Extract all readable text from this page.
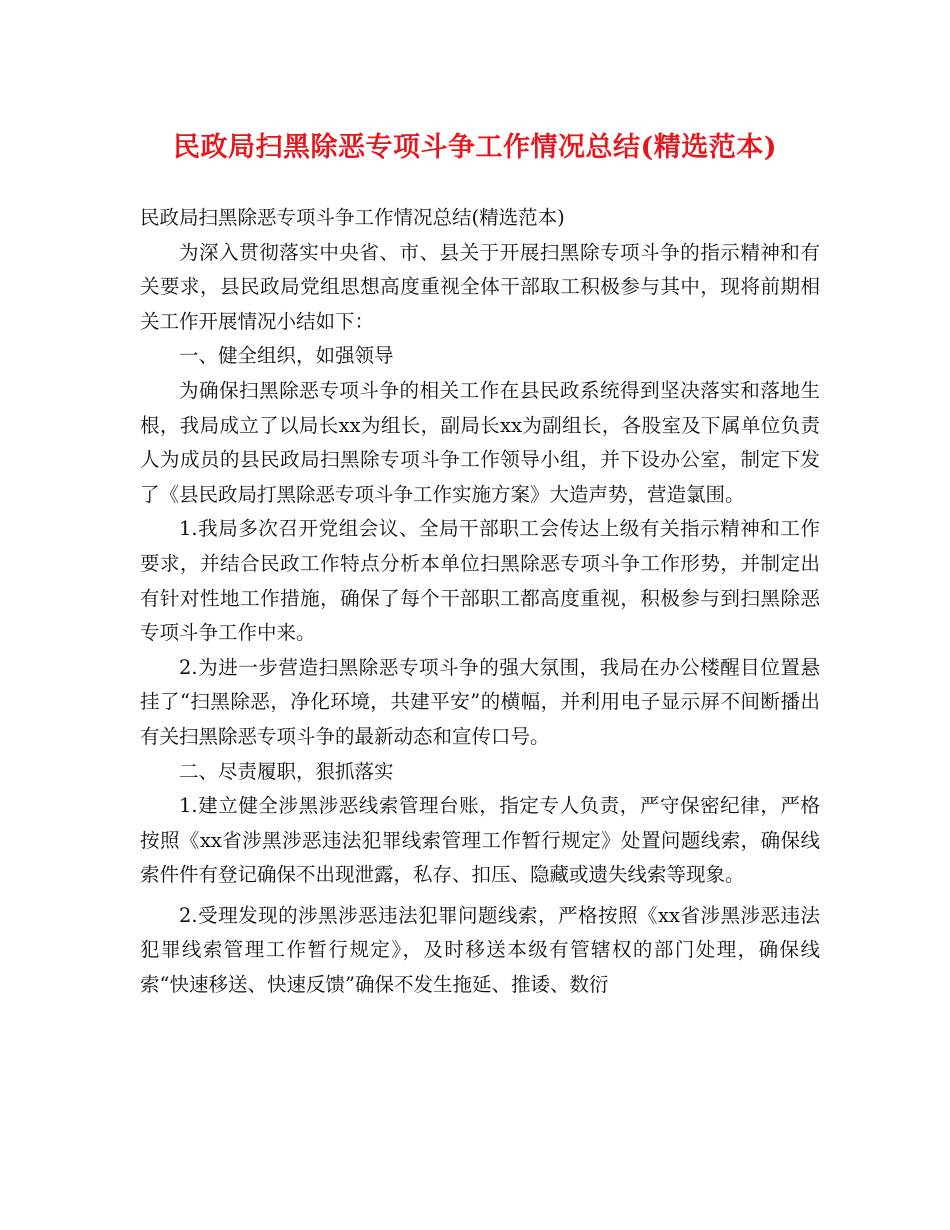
民政局扫黑除恶专项斗争工作情况总结(精选范本)

民政局扫黑除恶专项斗争工作情况总结(精选范本)

为深入贯彻落实中央省、市、县关于开展扫黑除专项斗争的指示精神和有关要求，县民政局党组思想高度重视全体干部取工积极参与其中，现将前期相关工作开展情况小结如下：

一、健全组织，如强领导

为确保扫黑除恶专项斗争的相关工作在县民政系统得到坚决落实和落地生根，我局成立了以局长xx为组长，副局长xx为副组长，各股室及下属单位负责人为成员的县民政局扫黑除专项斗争工作领导小组，并下设办公室，制定下发了《县民政局打黑除恶专项斗争工作实施方案》大造声势，营造氯围。

1.我局多次召开党组会议、全局干部职工会传达上级有关指示精神和工作要求，并结合民政工作特点分析本单位扫黑除恶专项斗争工作形势，并制定出有针对性地工作措施，确保了每个干部职工都高度重视，积极参与到扫黑除恶专项斗争工作中来。

2.为进一步营造扫黑除恶专项斗争的强大氛围，我局在办公楼醒目位置悬挂了“扫黑除恶，净化环境，共建平安”的横幅，并利用电子显示屏不间断播出有关扫黑除恶专项斗争的最新动态和宣传口号。

二、尽责履职，狠抓落实

1.建立健全涉黑涉恶线索管理台账，指定专人负责，严守保密纪律，严格按照《xx省涉黑涉恶违法犯罪线索管理工作暂行规定》处置问题线索，确保线索件件有登记确保不出现泄露，私存、扣压、隐藏或遗失线索等现象。

2.受理发现的涉黑涉恶违法犯罪问题线索，严格按照《xx省涉黑涉恶违法犯罪线索管理工作暂行规定》，及时移送本级有管辖权的部门处理，确保线索“快速移送、快速反馈”确保不发生拖延、推诿、数衍
